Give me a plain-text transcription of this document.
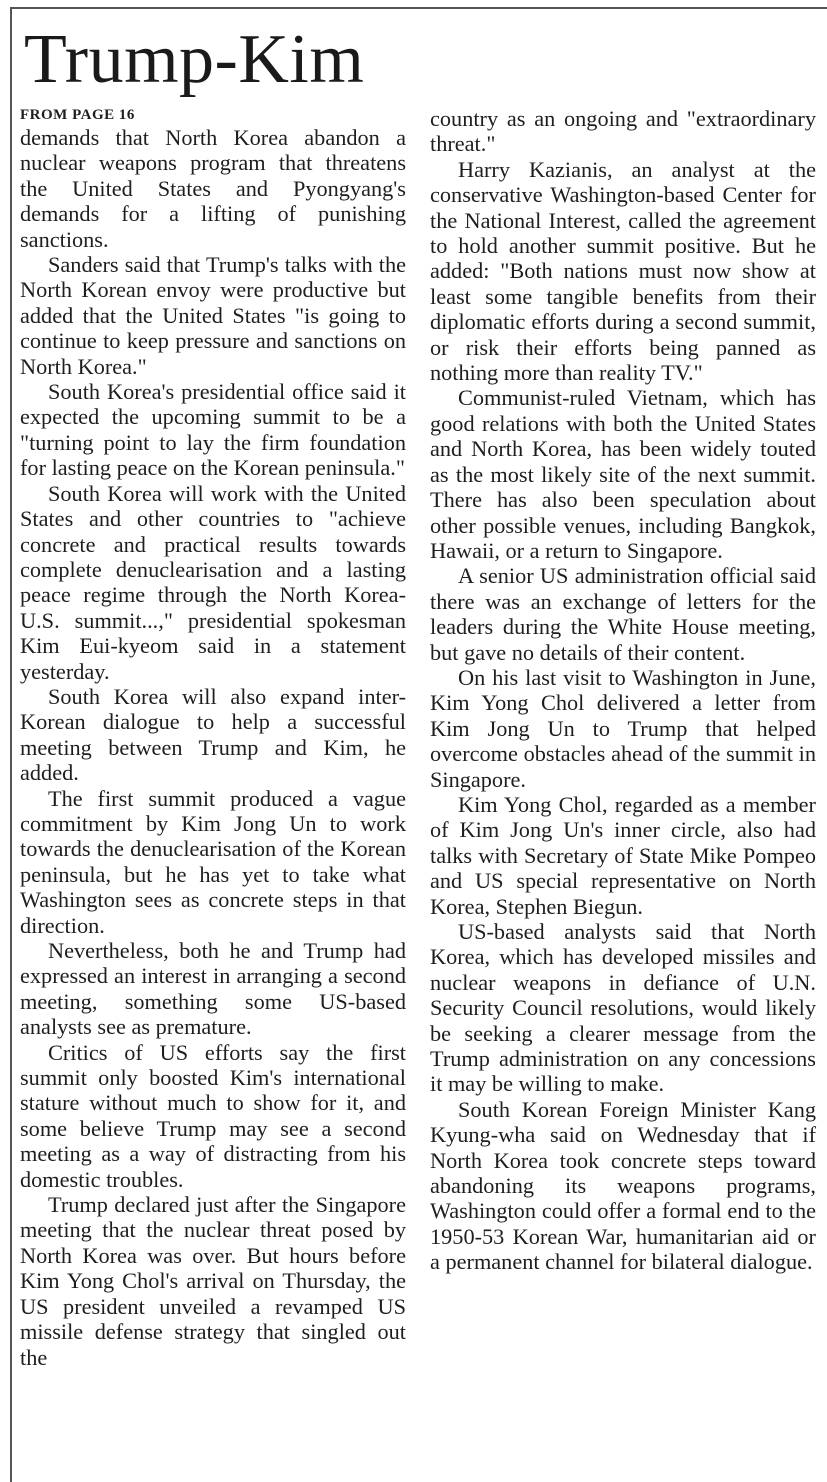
Trump-Kim
FROM PAGE 16

demands that North Korea abandon a nuclear weapons program that threatens the United States and Pyongyang's demands for a lifting of punishing sanctions.

Sanders said that Trump's talks with the North Korean envoy were productive but added that the United States "is going to continue to keep pressure and sanctions on North Korea."

South Korea's presidential office said it expected the upcoming summit to be a "turning point to lay the firm foundation for lasting peace on the Korean peninsula."

South Korea will work with the United States and other countries to "achieve concrete and practical results towards complete denuclearisation and a lasting peace regime through the North Korea-U.S. summit...," presidential spokesman Kim Eui-kyeom said in a statement yesterday.

South Korea will also expand inter-Korean dialogue to help a successful meeting between Trump and Kim, he added.

The first summit produced a vague commitment by Kim Jong Un to work towards the denuclearisation of the Korean peninsula, but he has yet to take what Washington sees as concrete steps in that direction.

Nevertheless, both he and Trump had expressed an interest in arranging a second meeting, something some US-based analysts see as premature.

Critics of US efforts say the first summit only boosted Kim's international stature without much to show for it, and some believe Trump may see a second meeting as a way of distracting from his domestic troubles.

Trump declared just after the Singapore meeting that the nuclear threat posed by North Korea was over. But hours before Kim Yong Chol's arrival on Thursday, the US president unveiled a revamped US missile defense strategy that singled out the

country as an ongoing and "extraordinary threat."

Harry Kazianis, an analyst at the conservative Washington-based Center for the National Interest, called the agreement to hold another summit positive. But he added: "Both nations must now show at least some tangible benefits from their diplomatic efforts during a second summit, or risk their efforts being panned as nothing more than reality TV."

Communist-ruled Vietnam, which has good relations with both the United States and North Korea, has been widely touted as the most likely site of the next summit. There has also been speculation about other possible venues, including Bangkok, Hawaii, or a return to Singapore.

A senior US administration official said there was an exchange of letters for the leaders during the White House meeting, but gave no details of their content.

On his last visit to Washington in June, Kim Yong Chol delivered a letter from Kim Jong Un to Trump that helped overcome obstacles ahead of the summit in Singapore.

Kim Yong Chol, regarded as a member of Kim Jong Un's inner circle, also had talks with Secretary of State Mike Pompeo and US special representative on North Korea, Stephen Biegun.

US-based analysts said that North Korea, which has developed missiles and nuclear weapons in defiance of U.N. Security Council resolutions, would likely be seeking a clearer message from the Trump administration on any concessions it may be willing to make.

South Korean Foreign Minister Kang Kyung-wha said on Wednesday that if North Korea took concrete steps toward abandoning its weapons programs, Washington could offer a formal end to the 1950-53 Korean War, humanitarian aid or a permanent channel for bilateral dialogue.
